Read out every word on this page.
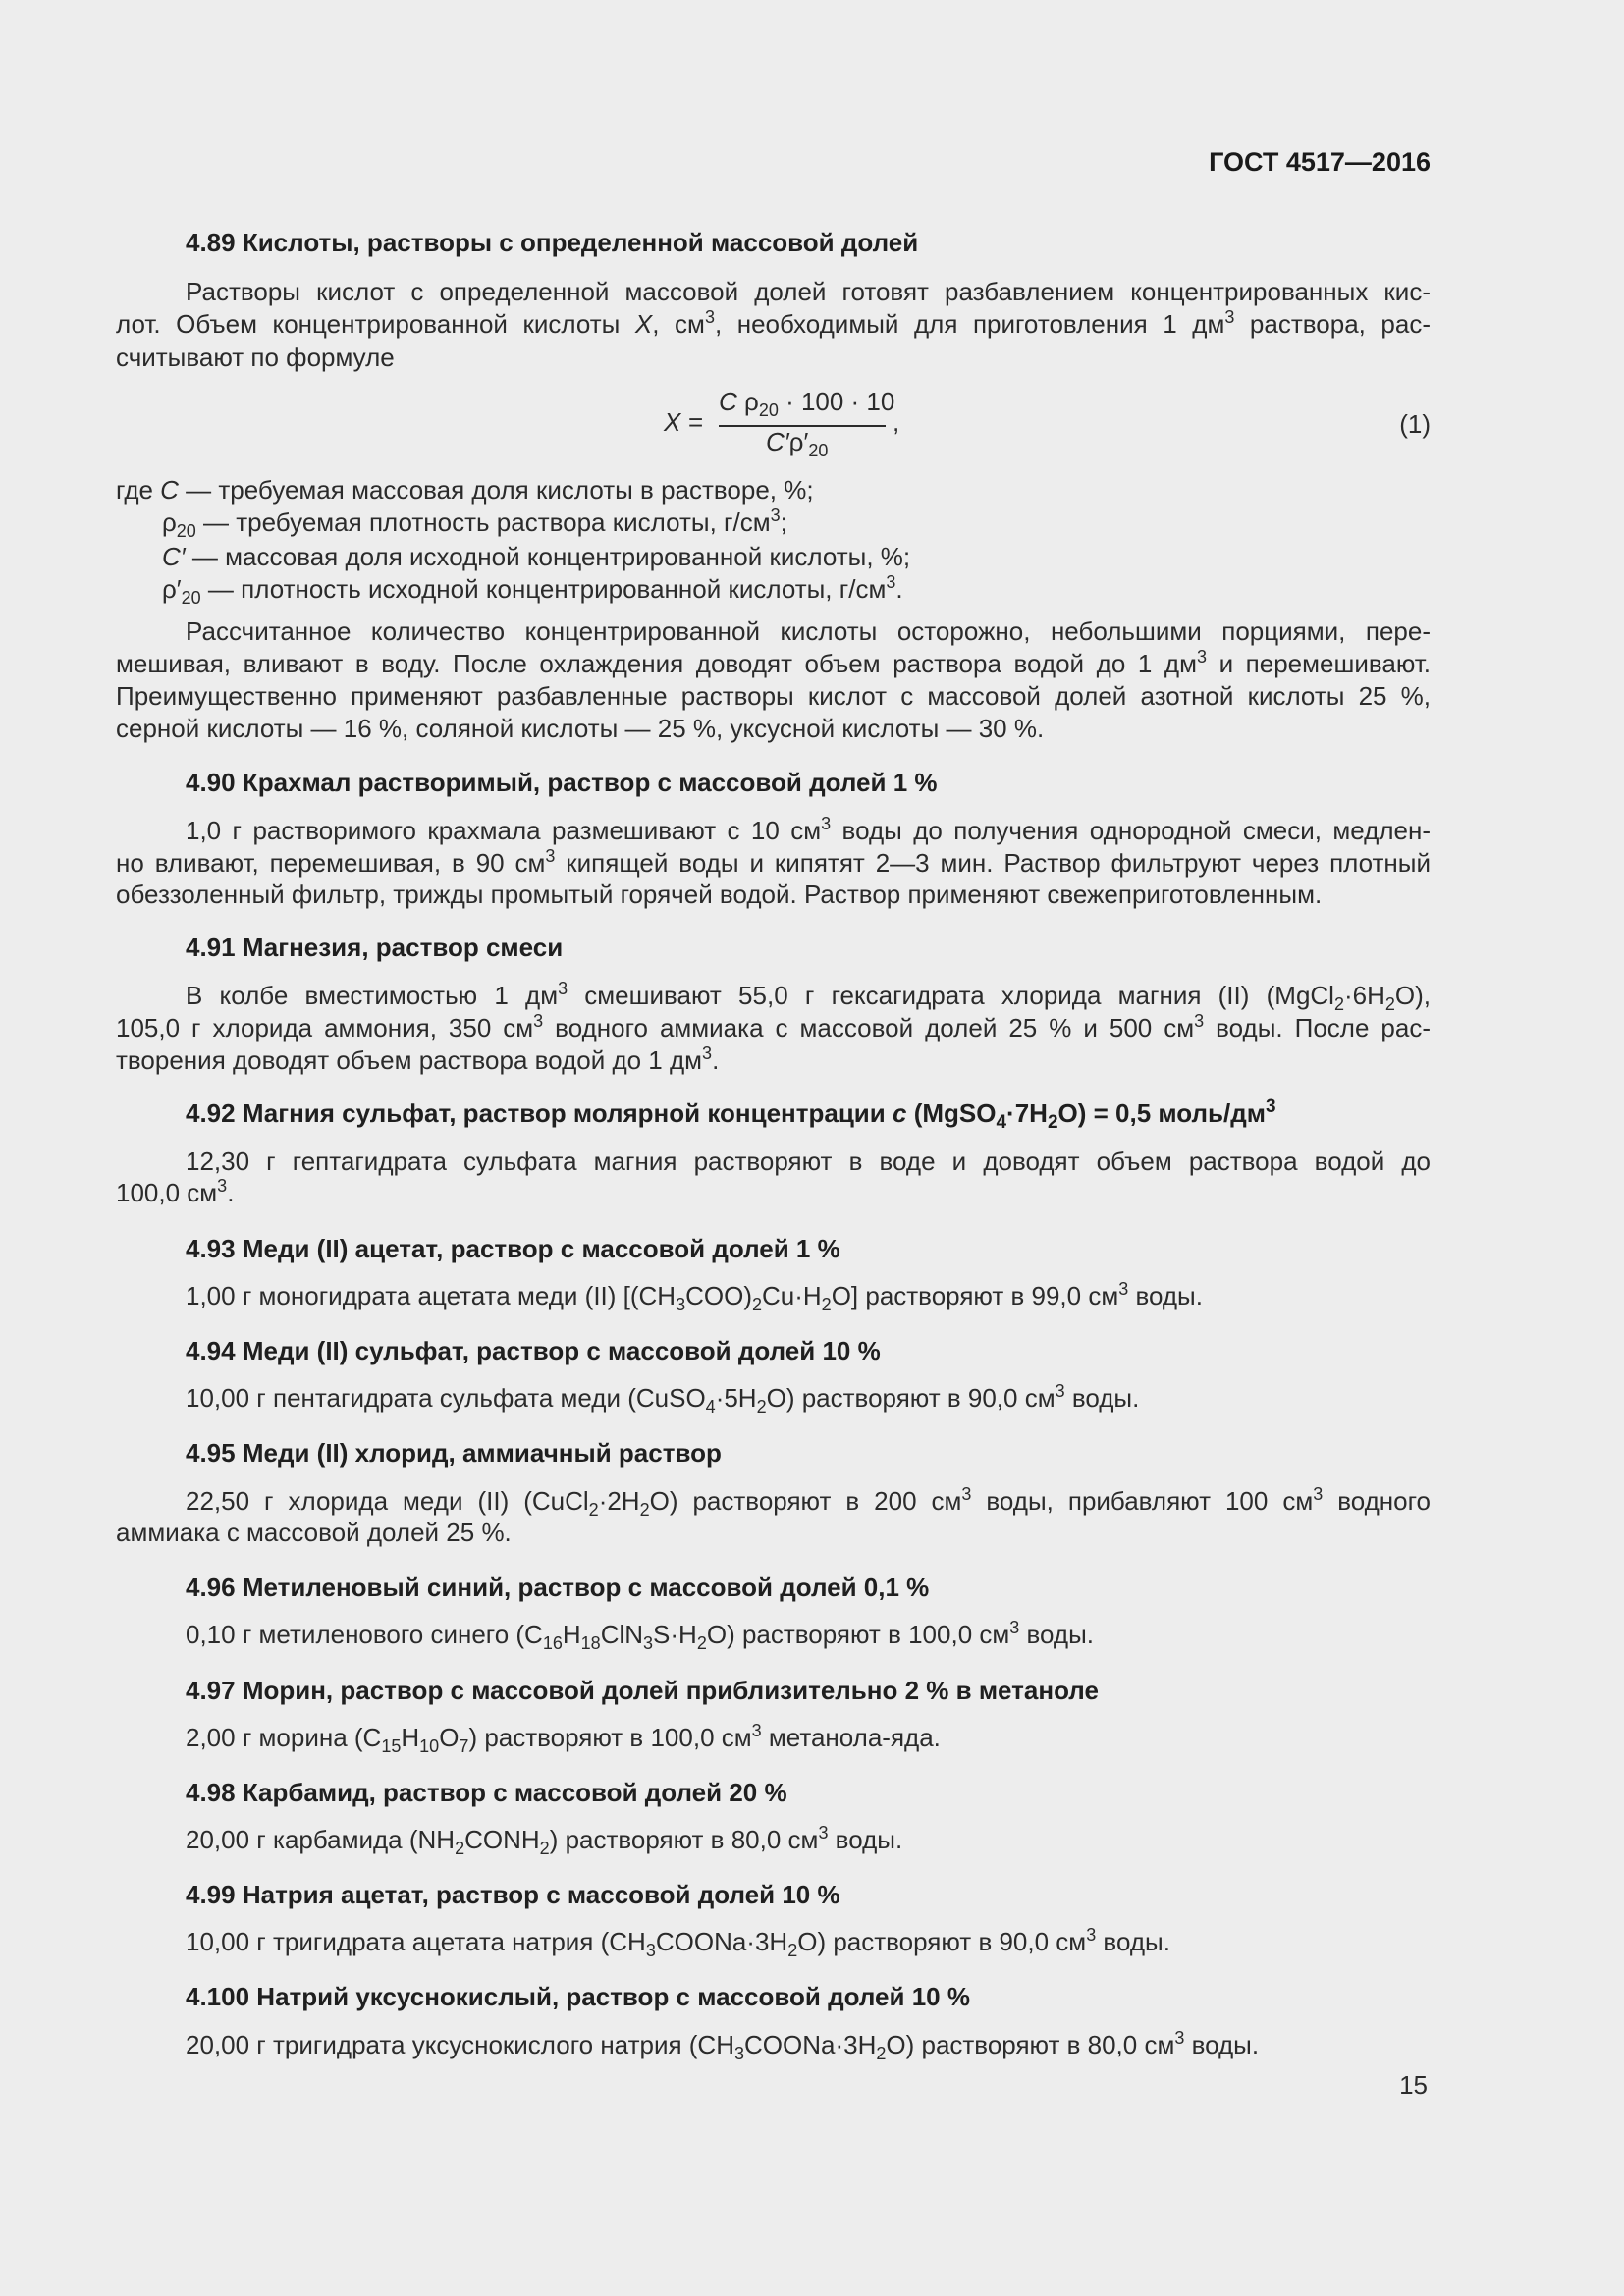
ГОСТ 4517—2016
4.89 Кислоты, растворы с определенной массовой долей
Растворы кислот с определенной массовой долей готовят разбавлением концентрированных кис-
лот. Объем концентрированной кислоты X, $см^3$, необходимый для приготовления 1 $дм^3$ раствора, рас-
считывают по формуле
X =
C $\rho_{20} \cdot 100 \cdot 10$
$C'\rho'_{20}$
,	(1)
где C — требуемая массовая доля кислоты в растворе, %;
$\rho_{20}$ — требуемая плотность раствора кислоты, $г/см^3$;
C′ — массовая доля исходной концентрированной кислоты, %;
$\rho'_{20}$ — плотность исходной концентрированной кислоты, $г/см^3$.
Рассчитанное количество концентрированной кислоты осторожно, небольшими порциями, пере-
мешивая, вливают в воду. После охлаждения доводят объем раствора водой до 1 $дм^3$ и перемешивают.
Преимущественно применяют разбавленные растворы кислот с массовой долей азотной кислоты 25 %,
серной кислоты — 16 %, соляной кислоты — 25 %, уксусной кислоты — 30 %.
4.90 Крахмал растворимый, раствор с массовой долей 1 %
1,0 г растворимого крахмала размешивают с 10 $см^3$ воды до получения однородной смеси, медлен-
но вливают, перемешивая, в 90 $см^3$ кипящей воды и кипятят 2—3 мин. Раствор фильтруют через плотный
обеззоленный фильтр, трижды промытый горячей водой. Раствор применяют свежеприготовленным.
4.91 Магнезия, раствор смеси
В колбе вместимостью 1 $дм^3$ смешивают 55,0 г гексагидрата хлорида магния (II) $(MgCl_2\cdot 6H_2O)$,
105,0 г хлорида аммония, 350 $см^3$ водного аммиака с массовой долей 25 % и 500 $см^3$ воды. После рас-
творения доводят объем раствора водой до 1 $дм^3$.
4.92 Магния сульфат, раствор молярной концентрации c $(MgSO_4\cdot 7H_2O) = 0,5$ моль/$дм^3$
12,30 г гептагидрата сульфата магния растворяют в воде и доводят объем раствора водой до
100,0 $см^3$.
4.93 Меди (II) ацетат, раствор с массовой долей 1 %
1,00 г моногидрата ацетата меди (II) $[(CH_3COO)_2Cu\cdot H_2O]$ растворяют в 99,0 $см^3$ воды.
4.94 Меди (II) сульфат, раствор с массовой долей 10 %
10,00 г пентагидрата сульфата меди $(CuSO_4\cdot 5H_2O)$ растворяют в 90,0 $см^3$ воды.
4.95 Меди (II) хлорид, аммиачный раствор
22,50 г хлорида меди (II) $(CuCl_2\cdot 2H_2O)$ растворяют в 200 $см^3$ воды, прибавляют 100 $см^3$ водного
аммиака с массовой долей 25 %.
4.96 Метиленовый синий, раствор с массовой долей 0,1 %
0,10 г метиленового синего $(C_{16}H_{18}ClN_3S\cdot H_2O)$ растворяют в 100,0 $см^3$ воды.
4.97 Морин, раствор с массовой долей приблизительно 2 % в метаноле
2,00 г морина $(C_{15}H_{10}O_7)$ растворяют в 100,0 $см^3$ метанола-яда.
4.98 Карбамид, раствор с массовой долей 20 %
20,00 г карбамида $(NH_2CONH_2)$ растворяют в 80,0 $см^3$ воды.
4.99 Натрия ацетат, раствор с массовой долей 10 %
10,00 г тригидрата ацетата натрия $(CH_3COONa\cdot 3H_2O)$ растворяют в 90,0 $см^3$ воды.
4.100 Натрий уксуснокислый, раствор с массовой долей 10 %
20,00 г тригидрата уксуснокислого натрия $(CH_3COONa\cdot 3H_2O)$ растворяют в 80,0 $см^3$ воды.
15
